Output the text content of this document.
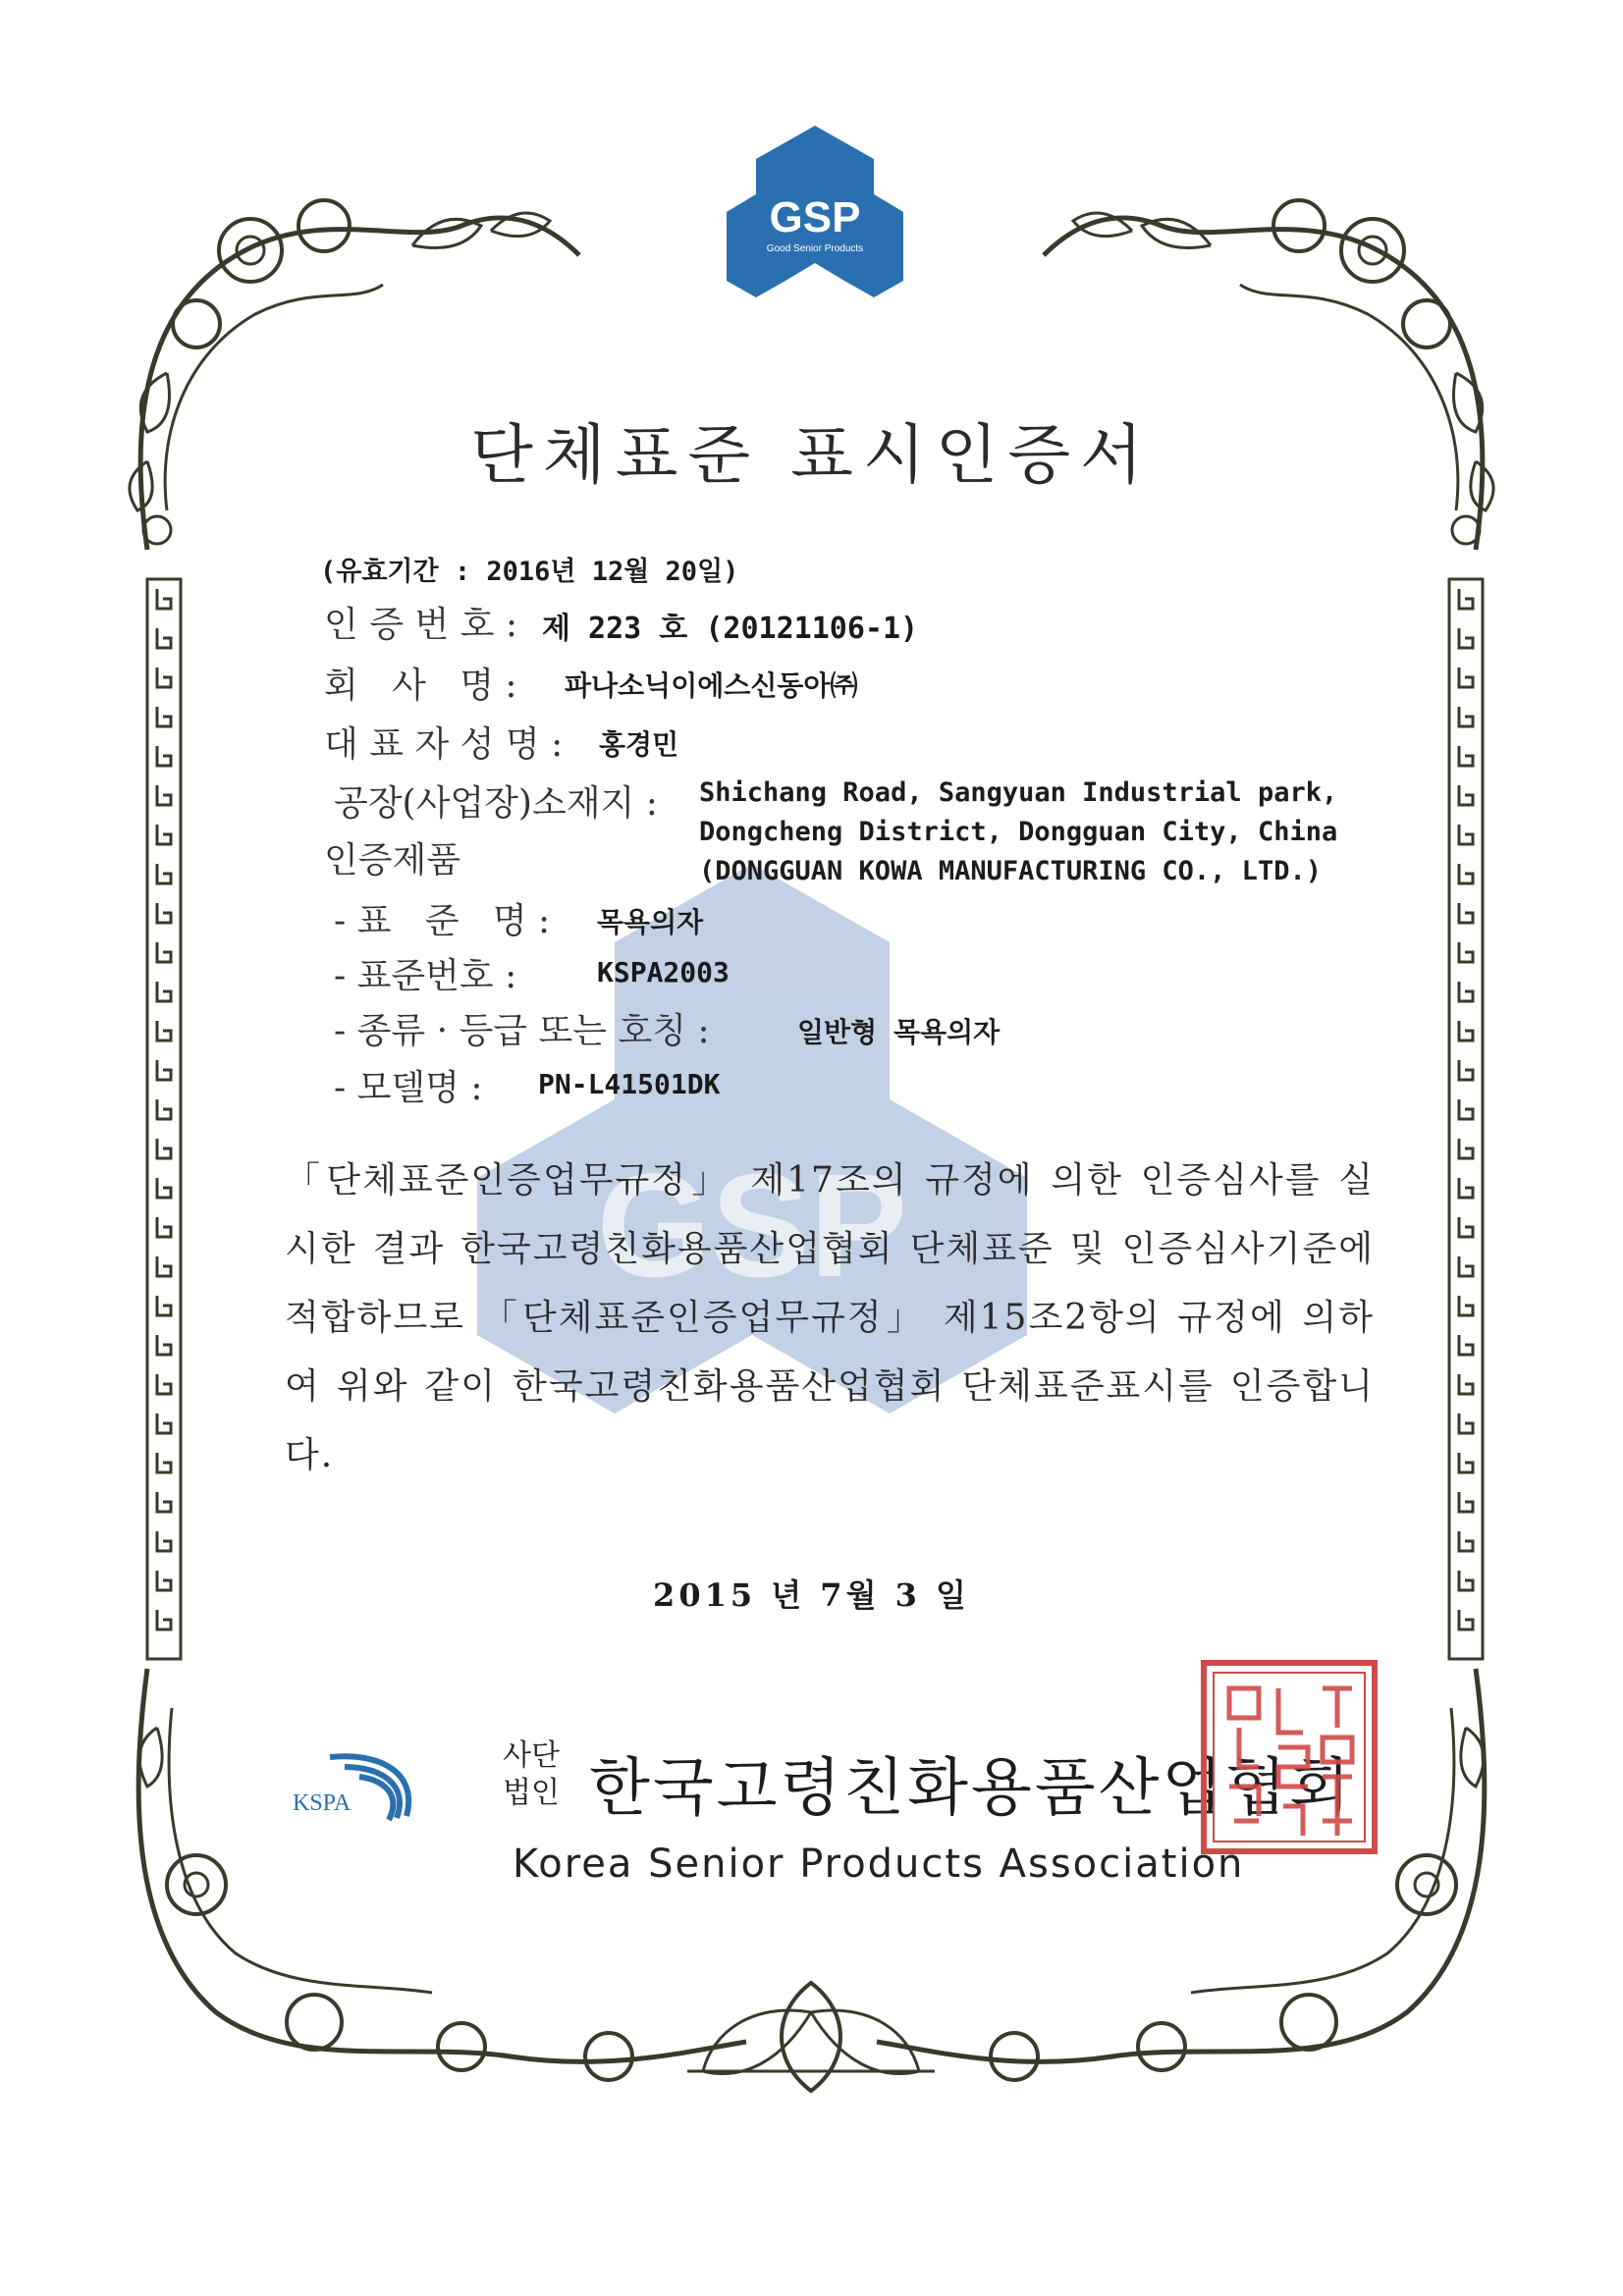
GSP
Good Senior Products
GSP
단체표준 표시인증서
(유효기간 : 2016년 12월 20일)
인 증 번 호 : 제 223 호 (20121106-1)
회   사   명 : 파나소닉이에스신동아㈜
대 표 자 성 명 : 홍경민
공장(사업장)소재지 : Shichang Road, Sangyuan Industrial park,
Dongcheng District, Dongguan City, China
(DONGGUAN KOWA MANUFACTURING CO., LTD.)
인증제품
- 표   준   명 : 목욕의자
- 표준번호 :	KSPA2003
- 종류 · 등급 또는 호칭 :	일반형 목욕의자
- 모델명 : PN-L41501DK

「단체표준인증업무규정」 제17조의 규정에 의한 인증심사를 실시한 결과 한국고령친화용품산업협회 단체표준 및 인증심사기준에 적합하므로 「단체표준인증업무규정」 제15조2항의 규정에 의하여 위와 같이 한국고령친화용품산업협회 단체표준표시를 인증합니다.

2015 년 7월 3 일
KSPA
사단
법인 한국고령친화용품산업협회
Korea Senior Products Association
